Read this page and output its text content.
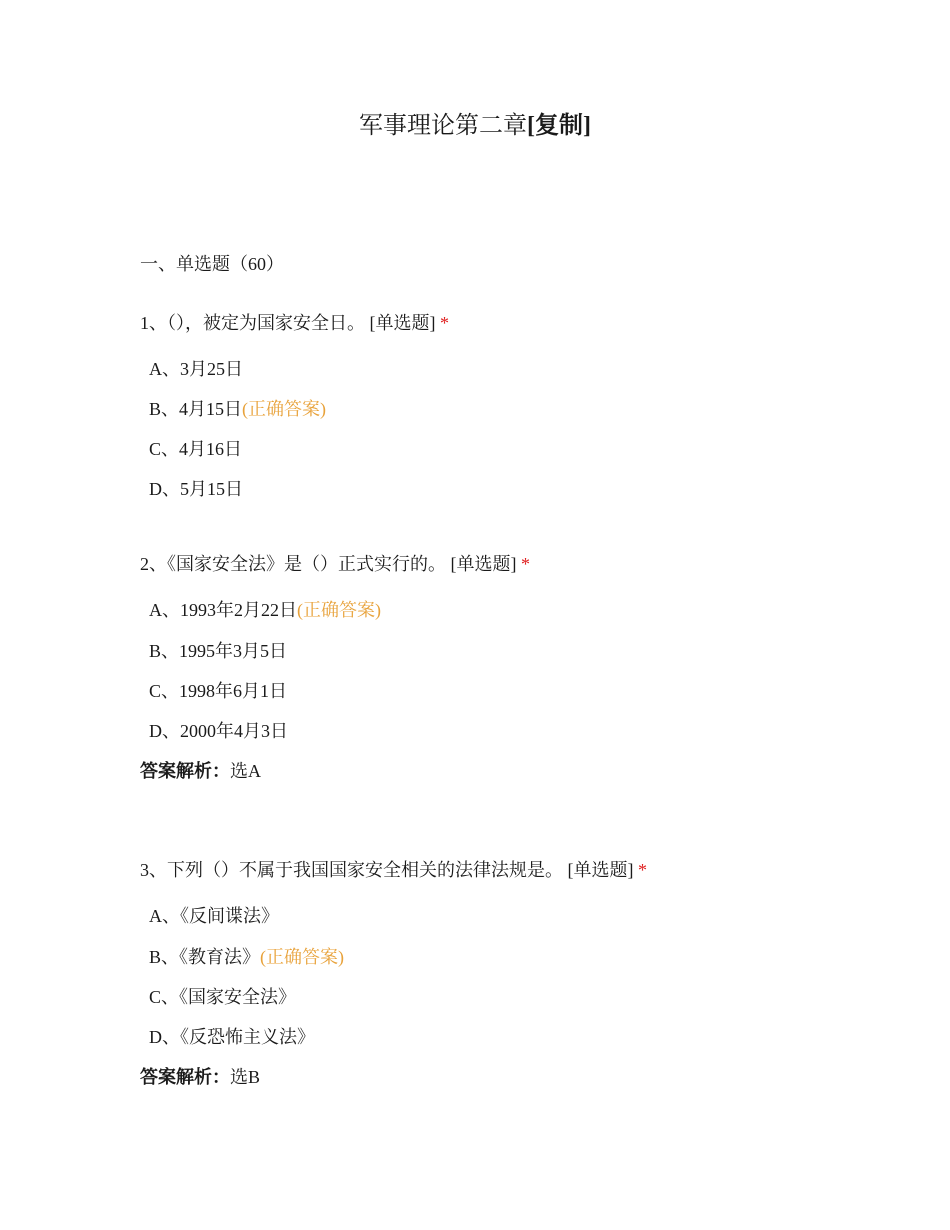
军事理论第二章[复制]
一、单选题（60）
1、（），被定为国家安全日。 [单选题] *
A、3月25日
B、4月15日(正确答案)
C、4月16日
D、5月15日
2、《国家安全法》是（）正式实行的。 [单选题] *
A、1993年2月22日(正确答案)
B、1995年3月5日
C、1998年6月1日
D、2000年4月3日
答案解析：选A
3、下列（）不属于我国国家安全相关的法律法规是。 [单选题] *
A、《反间谍法》
B、《教育法》(正确答案)
C、《国家安全法》
D、《反恐怖主义法》
答案解析：选B
